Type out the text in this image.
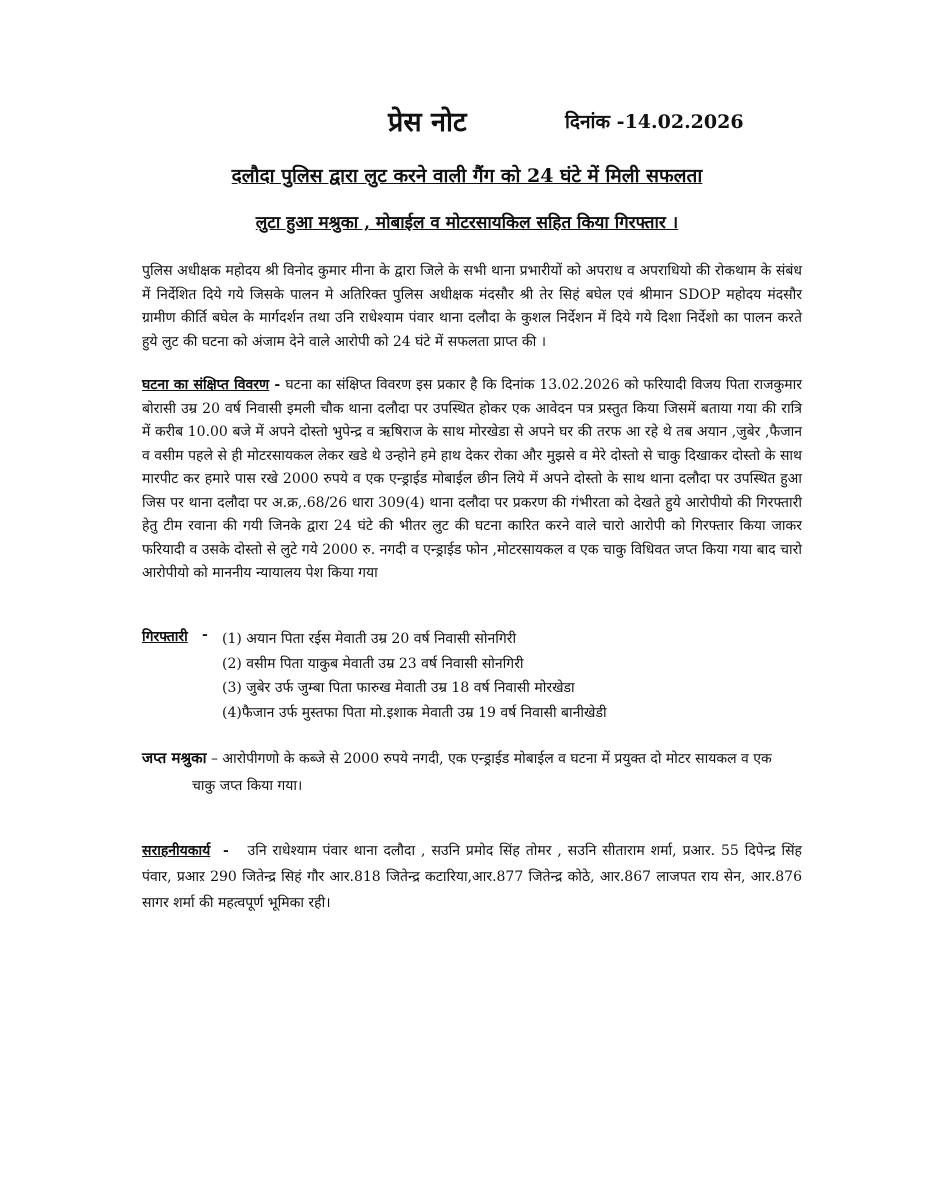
प्रेस नोट	दिनांक -14.02.2026
दलौदा पुलिस द्वारा लुट करने वाली गैंग को 24 घंटे में मिली सफलता
लुटा हुआ मश्रुका , मोबाईल व मोटरसायकिल सहित किया गिरफ्तार ।

पुलिस अधीक्षक महोदय श्री विनोद कुमार मीना के द्वारा जिले के सभी थाना प्रभारीयों को अपराध व अपराधियो की रोकथाम के संबंध में निर्देशित दिये गये जिसके पालन मे अतिरिक्त पुलिस अधीक्षक मंदसौर श्री तेर सिहं बघेल एवं श्रीमान SDOP महोदय मंदसौर ग्रामीण कीर्ति बघेल के मार्गदर्शन तथा उनि राधेश्याम पंवार थाना दलौदा के कुशल निर्देशन में दिये गये दिशा निर्देशो का पालन करते हुये लुट की घटना को अंजाम देने वाले आरोपी को 24 घंटे में सफलता प्राप्त की ।

घटना का संक्षिप्त विवरण - घटना का संक्षिप्त विवरण इस प्रकार है कि दिनांक 13.02.2026 को फरियादी विजय पिता राजकुमार बोरासी उम्र 20 वर्ष निवासी इमली चौक थाना दलौदा पर उपस्थित होकर एक आवेदन पत्र प्रस्तुत किया जिसमें बताया गया की रात्रि में करीब 10.00 बजे में अपने दोस्तो भुपेन्द्र व ऋषिराज के साथ मोरखेडा से अपने घर की तरफ आ रहे थे तब अयान ,जुबेर ,फैजान व वसीम पहले से ही मोटरसायकल लेकर खडे थे उन्होने हमे हाथ देकर रोका और मुझसे व मेरे दोस्तो से चाकु दिखाकर दोस्तो के साथ मारपीट कर हमारे पास रखे 2000 रुपये व एक एन्ड्राईड मोबाईल छीन लिये में अपने दोस्तो के साथ थाना दलौदा पर उपस्थित हुआ जिस पर थाना दलौदा पर अ.क्र,.68/26 धारा 309(4) थाना दलौदा पर प्रकरण की गंभीरता को देखते हुये आरोपीयो की गिरफ्तारी हेतु टीम रवाना की गयी जिनके द्वारा 24 घंटे की भीतर लुट की घटना कारित करने वाले चारो आरोपी को गिरफ्तार किया जाकर फरियादी व उसके दोस्तो से लुटे गये 2000 रु. नगदी व एन्ड्राईड फोन ,मोटरसायकल व एक चाकु विधिवत जप्त किया गया बाद चारो आरोपीयो को माननीय न्यायालय पेश किया गया

गिरफ्तारी - (1) अयान पिता रईस मेवाती उम्र 20 वर्ष निवासी सोनगिरी
(2) वसीम पिता याकुब मेवाती उम्र 23 वर्ष निवासी सोनगिरी
(3) जुबेर उर्फ जुम्बा पिता फारुख मेवाती उम्र 18 वर्ष निवासी मोरखेडा
(4)फैजान उर्फ मुस्तफा पिता मो.इशाक मेवाती उम्र 19 वर्ष निवासी बानीखेडी
जप्त मश्रुका – आरोपीगणो के कब्जे से 2000 रुपये नगदी, एक एन्ड्राईड मोबाईल व घटना में प्रयुक्त दो मोटर सायकल व एक
चाकु जप्त किया गया।

सराहनीयकार्य  -   उनि राधेश्याम पंवार थाना दलौदा , सउनि प्रमोद सिंह तोमर , सउनि सीताराम शर्मा, प्रआर. 55 दिपेन्द्र सिंह पंवार, प्रआऱ 290 जितेन्द्र सिहं गौर आर.818 जितेन्द्र कटारिया,आर.877 जितेन्द्र कोठे, आर.867 लाजपत राय सेन, आर.876 सागर शर्मा की महत्वपूर्ण भूमिका रही।
